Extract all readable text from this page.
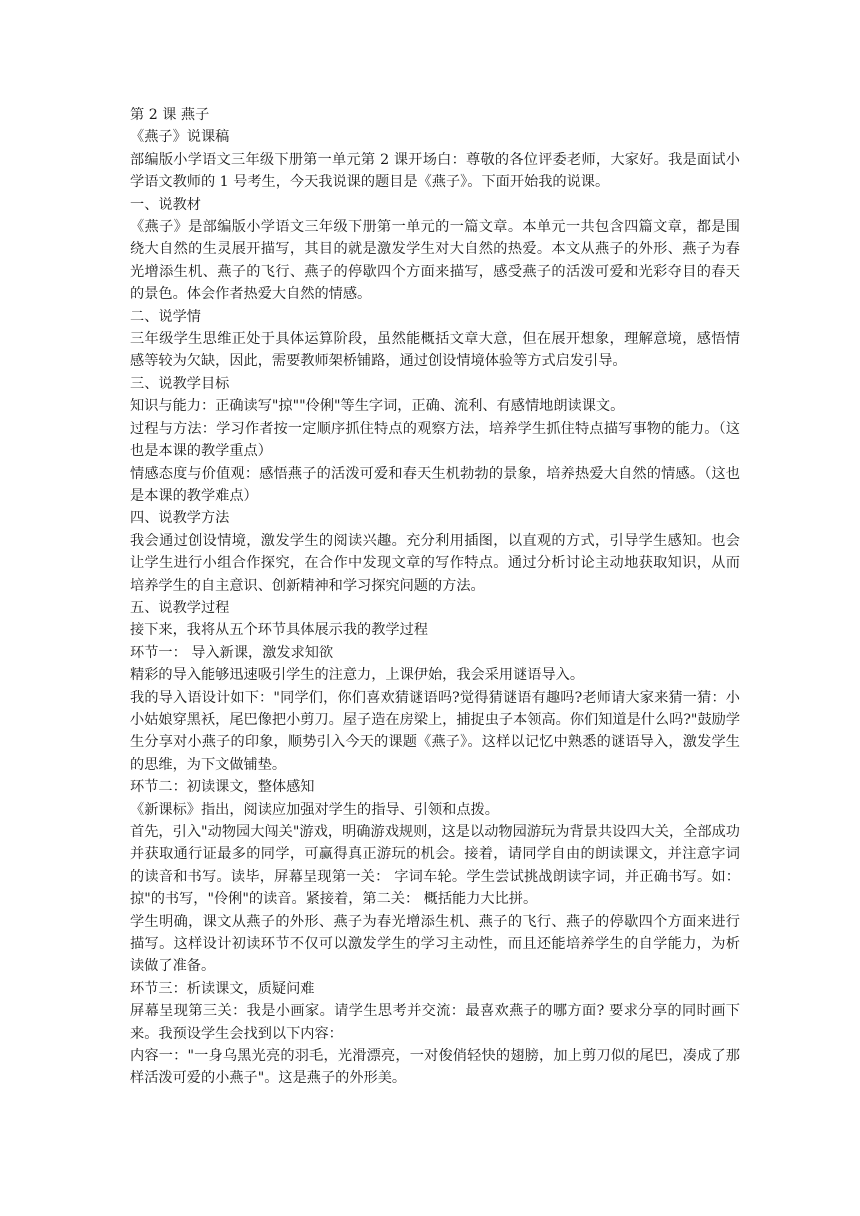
第 2 课 燕子
《燕子》说课稿
部编版小学语文三年级下册第一单元第 2 课开场白：尊敬的各位评委老师，大家好。我是面试小学语文教师的 1 号考生，今天我说课的题目是《燕子》。下面开始我的说课。
一、说教材
《燕子》是部编版小学语文三年级下册第一单元的一篇文章。本单元一共包含四篇文章，都是围绕大自然的生灵展开描写，其目的就是激发学生对大自然的热爱。本文从燕子的外形、燕子为春光增添生机、燕子的飞行、燕子的停歇四个方面来描写，感受燕子的活泼可爱和光彩夺目的春天的景色。体会作者热爱大自然的情感。
二、说学情
三年级学生思维正处于具体运算阶段，虽然能概括文章大意，但在展开想象，理解意境，感悟情感等较为欠缺，因此，需要教师架桥铺路，通过创设情境体验等方式启发引导。
三、说教学目标
知识与能力：正确读写"掠""伶俐"等生字词，正确、流利、有感情地朗读课文。
过程与方法：学习作者按一定顺序抓住特点的观察方法，培养学生抓住特点描写事物的能力。（这也是本课的教学重点）
情感态度与价值观：感悟燕子的活泼可爱和春天生机勃勃的景象，培养热爱大自然的情感。（这也是本课的教学难点）
四、说教学方法
我会通过创设情境，激发学生的阅读兴趣。充分利用插图，以直观的方式，引导学生感知。也会让学生进行小组合作探究，在合作中发现文章的写作特点。通过分析讨论主动地获取知识，从而培养学生的自主意识、创新精神和学习探究问题的方法。
五、说教学过程
接下来，我将从五个环节具体展示我的教学过程
环节一： 导入新课，激发求知欲
精彩的导入能够迅速吸引学生的注意力，上课伊始，我会采用谜语导入。
我的导入语设计如下："同学们，你们喜欢猜谜语吗?觉得猜谜语有趣吗?老师请大家来猜一猜：小小姑娘穿黑袄，尾巴像把小剪刀。屋子造在房梁上，捕捉虫子本领高。你们知道是什么吗?"鼓励学生分享对小燕子的印象，顺势引入今天的课题《燕子》。这样以记忆中熟悉的谜语导入，激发学生的思维，为下文做铺垫。
环节二：初读课文，整体感知
《新课标》指出，阅读应加强对学生的指导、引领和点拨。
首先，引入"动物园大闯关"游戏，明确游戏规则，这是以动物园游玩为背景共设四大关，全部成功并获取通行证最多的同学，可赢得真正游玩的机会。接着，请同学自由的朗读课文，并注意字词的读音和书写。读毕，屏幕呈现第一关： 字词车轮。学生尝试挑战朗读字词，并正确书写。如：掠"的书写，"伶俐"的读音。紧接着，第二关： 概括能力大比拼。
学生明确，课文从燕子的外形、燕子为春光增添生机、燕子的飞行、燕子的停歇四个方面来进行描写。这样设计初读环节不仅可以激发学生的学习主动性，而且还能培养学生的自学能力，为析读做了准备。
环节三：析读课文，质疑问难
屏幕呈现第三关：我是小画家。请学生思考并交流：最喜欢燕子的哪方面? 要求分享的同时画下来。我预设学生会找到以下内容：
内容一："一身乌黑光亮的羽毛，光滑漂亮，一对俊俏轻快的翅膀，加上剪刀似的尾巴，凑成了那样活泼可爱的小燕子"。这是燕子的外形美。
